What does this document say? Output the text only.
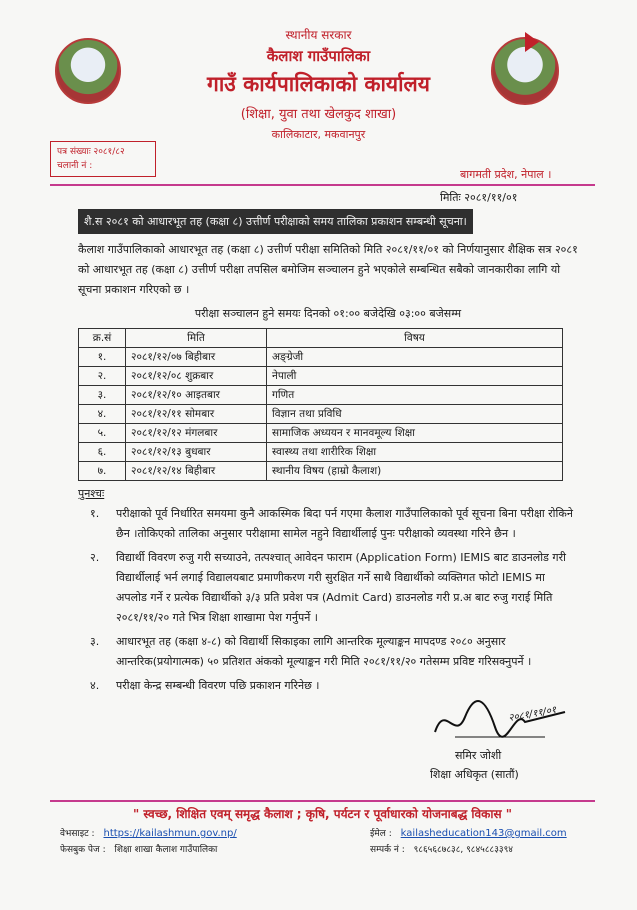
स्थानीय सरकार
कैलाश गाउँपालिका
गाउँ कार्यपालिकाको कार्यालय
(शिक्षा, युवा तथा खेलकुद शाखा)
कालिकाटार, मकवानपुर
पत्र संख्याः २०८१/८२
चलानी नं :
बागमती प्रदेश, नेपाल ।
मितिः २०८१/११/०१
शै.स २०८१ को आधारभूत तह (कक्षा ८) उत्तीर्ण परीक्षाको समय तालिका प्रकाशन सम्बन्धी सूचना।
कैलाश गाउँपालिकाको आधारभूत तह (कक्षा ८) उत्तीर्ण परीक्षा समितिको मिति २०८१/११/०१ को निर्णयानुसार शैक्षिक सत्र २०८१ को आधारभूत तह (कक्षा ८) उत्तीर्ण परीक्षा तपसिल बमोजिम सञ्चालन हुने भएकोले सम्बन्धित सबैको जानकारीका लागि यो सूचना प्रकाशन गरिएको छ ।
परीक्षा सञ्चालन हुने समयः दिनको ०१:०० बजेदेखि ०३:०० बजेसम्म
क्र.सं	मिति	विषय
१.	२०८१/१२/०७ बिहीबार	अङ्ग्रेजी
२.	२०८१/१२/०८ शुक्रबार	नेपाली
३.	२०८१/१२/१० आइतबार	गणित
४.	२०८१/१२/११ सोमबार	विज्ञान तथा प्रविधि
५.	२०८१/१२/१२ मंगलबार	सामाजिक अध्ययन र मानवमूल्य शिक्षा
६.	२०८१/१२/१३ बुधबार	स्वास्थ्य तथा शारीरिक शिक्षा
७.	२०८१/१२/१४ बिहीबार	स्थानीय विषय (हाम्रो कैलाश)
पुनश्चः
१.	परीक्षाको पूर्व निर्धारित समयमा कुनै आकस्मिक बिदा पर्न गएमा कैलाश गाउँपालिकाको पूर्व सूचना बिना परीक्षा रोकिने छैन ।तोकिएको तालिका अनुसार परीक्षामा सामेल नहुने विद्यार्थीलाई पुनः परीक्षाको व्यवस्था गरिने छैन ।
२.	विद्यार्थी विवरण रुजु गरी सच्याउने, तत्पश्चात् आवेदन फाराम (Application Form) IEMIS बाट डाउनलोड गरी विद्यार्थीलाई भर्न लगाई विद्यालयबाट प्रमाणीकरण गरी सुरक्षित गर्ने साथै विद्यार्थीको व्यक्तिगत फोटो IEMIS मा अपलोड गर्ने र प्रत्येक विद्यार्थीको ३/३ प्रति प्रवेश पत्र (Admit Card) डाउनलोड गरी प्र.अ बाट रुजु गराई मिति २०८१/११/२० गते भित्र शिक्षा शाखामा पेश गर्नुपर्ने ।
३.	आधारभूत तह (कक्षा ४-८) को विद्यार्थी सिकाइका लागि आन्तरिक मूल्याङ्कन मापदण्ड २०८० अनुसार आन्तरिक(प्रयोगात्मक) ५० प्रतिशत अंकको मूल्याङ्कन गरी मिति २०८१/११/२० गतेसम्म प्रविष्ट गरिसक्नुपर्ने ।
४.	परीक्षा केन्द्र सम्बन्धी विवरण पछि प्रकाशन गरिनेछ ।
२०८१/११/०१
समिर जोशी
शिक्षा अधिकृत (सातौं)
" स्वच्छ, शिक्षित एवम् समृद्ध कैलाश ; कृषि, पर्यटन र पूर्वाधारको योजनाबद्ध विकास "
वेभसाइट : https://kailashmun.gov.np/	ईमेल : kailasheducation143@gmail.com
फेसबुक पेज : शिक्षा शाखा कैलाश गाउँपालिका	सम्पर्क नं : ९८६५६८७८३८, ९८४५८८३३९४
